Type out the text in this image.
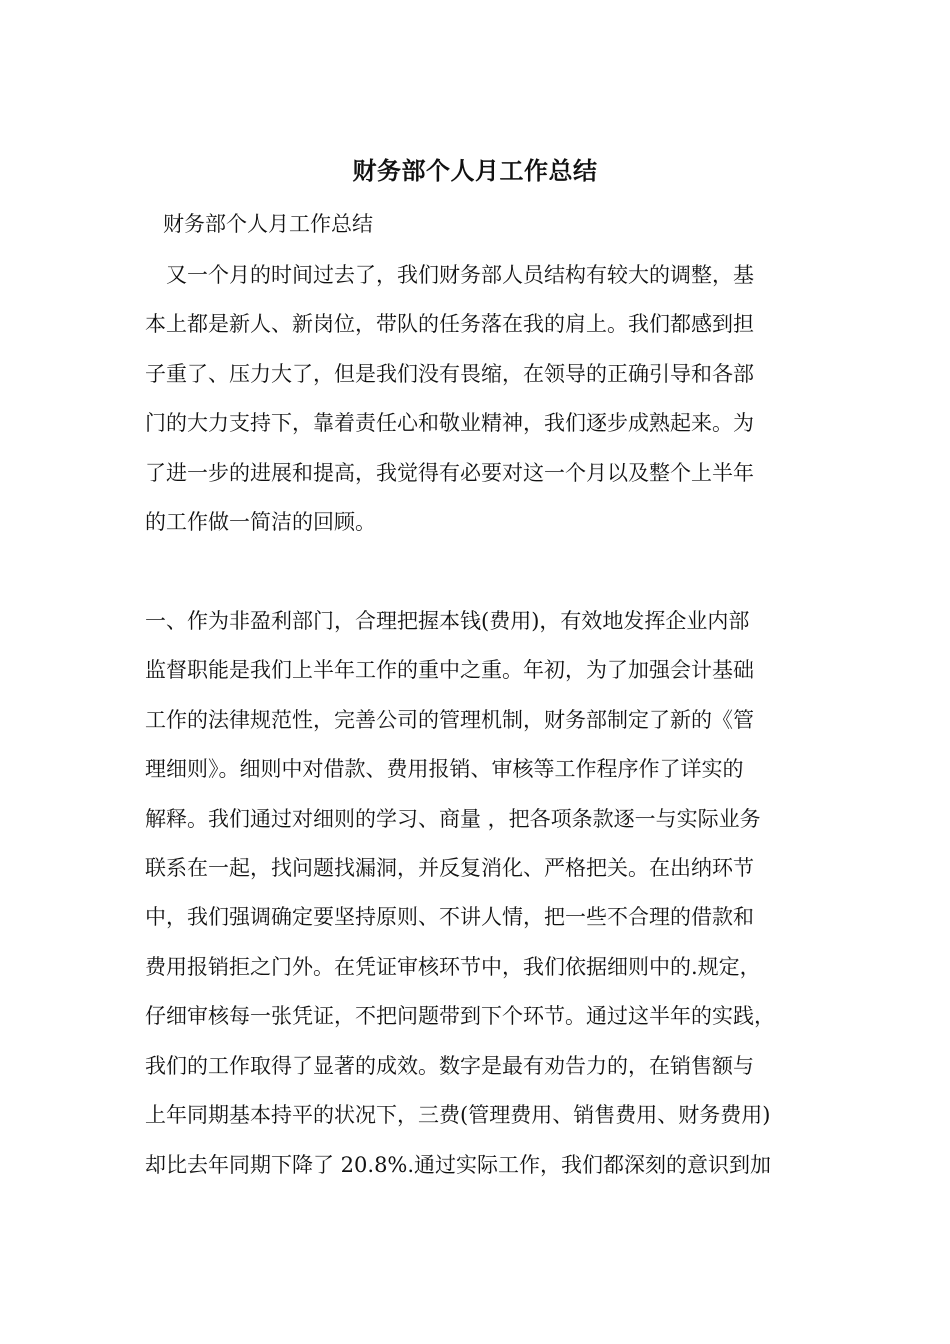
财务部个人月工作总结

财务部个人月工作总结

　又一个月的时间过去了，我们财务部人员结构有较大的调整，基

本上都是新人、新岗位，带队的任务落在我的肩上。我们都感到担

子重了、压力大了，但是我们没有畏缩，在领导的正确引导和各部

门的大力支持下，靠着责任心和敬业精神，我们逐步成熟起来。为

了进一步的进展和提高，我觉得有必要对这一个月以及整个上半年

的工作做一简洁的回顾。

一、作为非盈利部门，合理把握本钱(费用)，有效地发挥企业内部

监督职能是我们上半年工作的重中之重。年初，为了加强会计基础

工作的法律规范性，完善公司的管理机制，财务部制定了新的《管

理细则》。细则中对借款、费用报销、审核等工作程序作了详实的

解释。我们通过对细则的学习、商量 ，把各项条款逐一与实际业务

联系在一起，找问题找漏洞，并反复消化、严格把关。在出纳环节

中，我们强调确定要坚持原则、不讲人情，把一些不合理的借款和

费用报销拒之门外。在凭证审核环节中，我们依据细则中的.规定，

仔细审核每一张凭证，不把问题带到下个环节。通过这半年的实践，

我们的工作取得了显著的成效。数字是最有劝告力的，在销售额与

上年同期基本持平的状况下，三费(管理费用、销售费用、财务费用)

却比去年同期下降了 20.8%.通过实际工作，我们都深刻的意识到加
